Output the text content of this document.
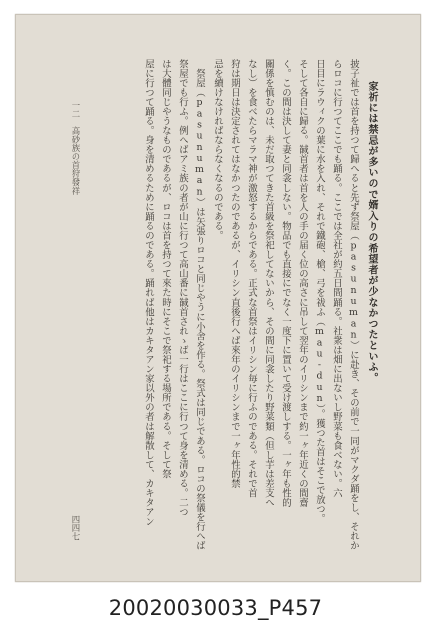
家祈には禁忌が多いので婿入りの希望者が少なかつたといふ。
披子祉では首を持つて歸へると先ず祭屋（pasunuman）に赴き、その前で一同がマクダ踊をし、それか
らロコに行つてここでも踊る。ここでは全社が約五日間踊る。社衆は畑に出ないし野菜も食べない。六
日目にラウィクの葉に水を入れ、それで鐵砲、槍、弓を祓ふ（mau-dun）。獲つた首はそこで放つ。
そして各自に歸る。馘首者は首を人の手の届く位の高さに吊して翌年のイリシンまで約一ヶ年近くの間齋
く。この間は決して妻と同衾しない。物品でも直接にでなく一度下に置いて受け渡しする。一ヶ年も性的
關係を慎むのは、未だ取つてきた首級を祭祀してないから、その間に同衾したり野菜類（但し芋は差支へ
なし）を食べたらマラマ神が激怒するからである。正式な首祭はイリシン毎に行ふのである。それで首
狩は期日は決定されてはなかつたのであるが、イリシン直後行へば來年のイリシンまで一ヶ年性的禁
忌を續けなければならなくなるのである。
　祭屋（pasunuman）は矢張りロコと同じやうに小舍を作る。祭式は同じである。ロコの祭儀を行へば
祭屋でも行ふ。例へばアミ族の者が山に行つて高山番に馘首されゝば一行はここに行つて身を清める。二つ
は大體同じやうなものであるが、ロコは首を持つて來た時にそこで祭祀する場所である。そして祭
屋に行つて踊る。身を清めるために踊るのである。踊れば他はカキタアン家以外の者は解散して、カキタアン
一二　高砂族の首狩發祥
四四七
20020030033_P457
